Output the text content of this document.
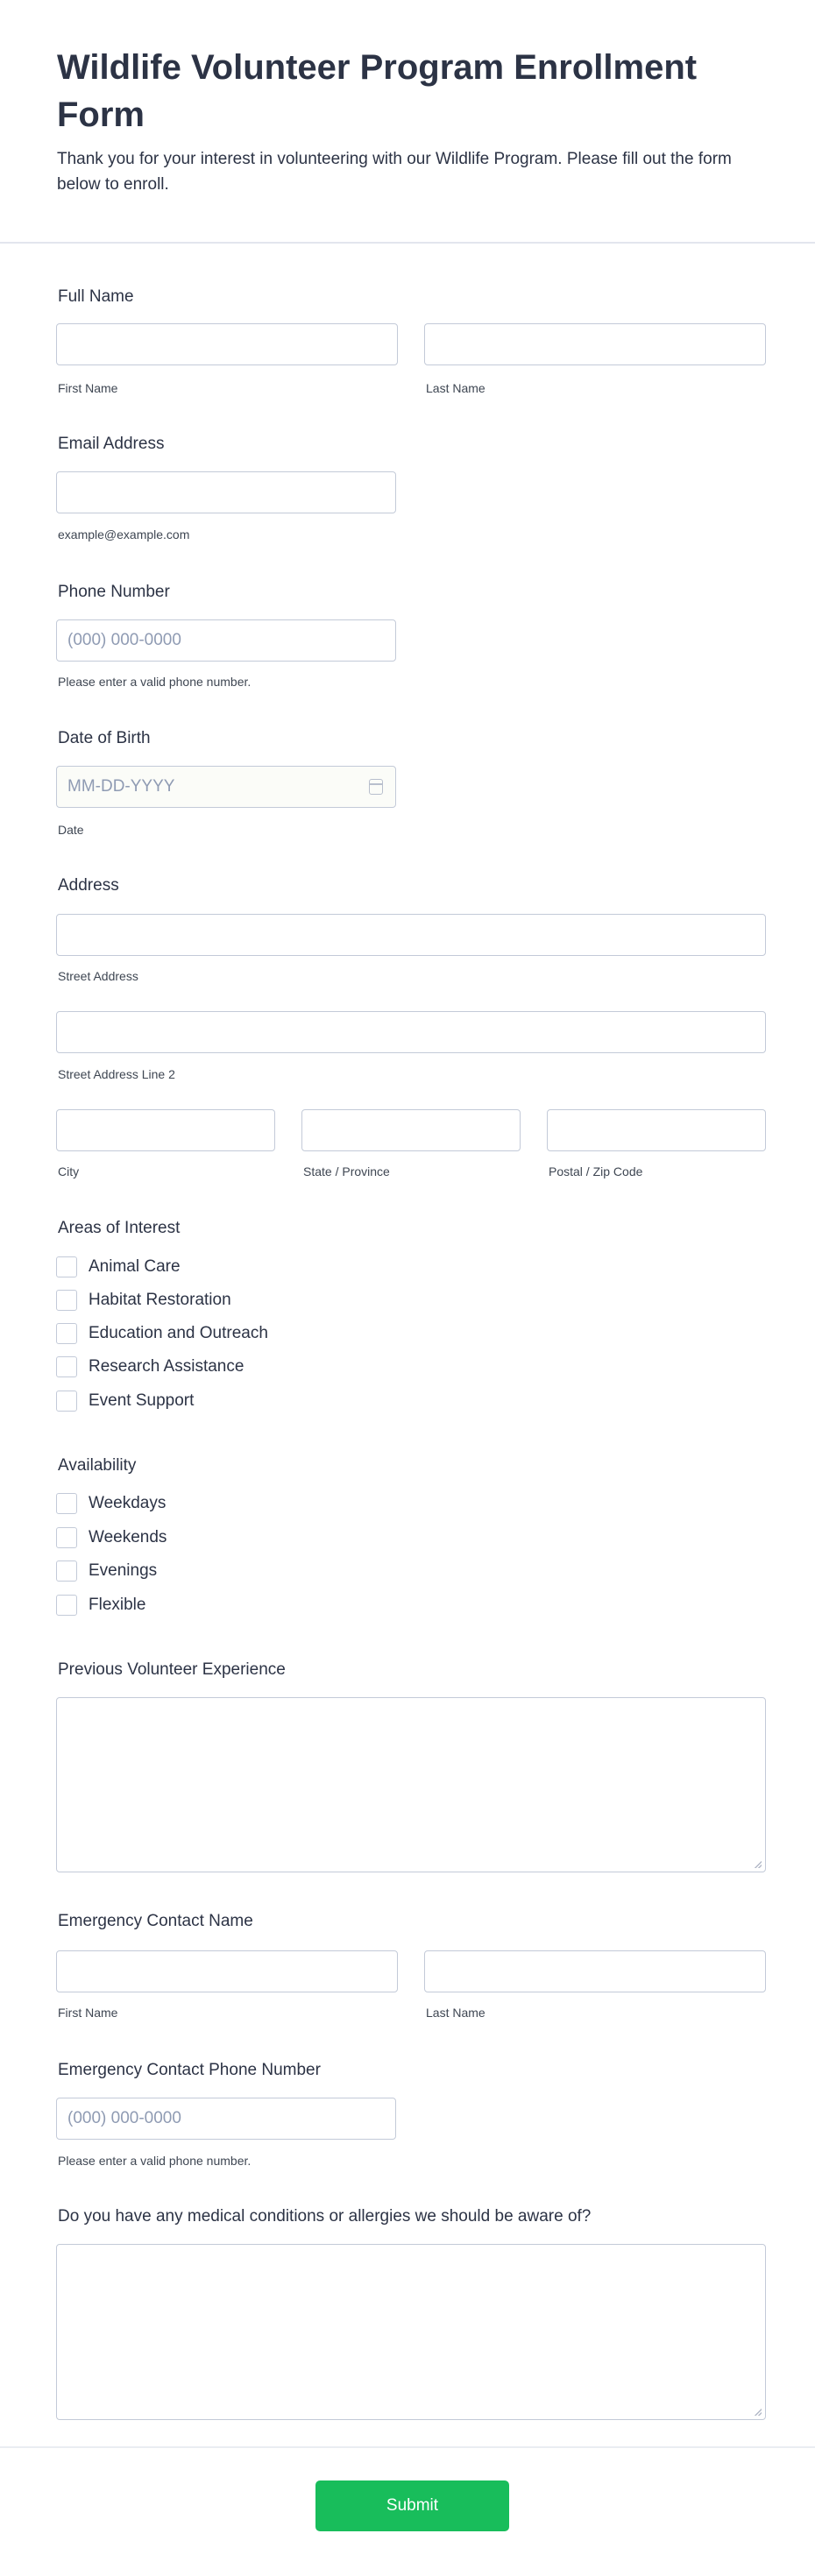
Wildlife Volunteer Program Enrollment Form
Thank you for your interest in volunteering with our Wildlife Program. Please fill out the form below to enroll.
Full Name
First Name	Last Name
Email Address
example@example.com
Phone Number
(000) 000-0000
Please enter a valid phone number.
Date of Birth
MM-DD-YYYY
Date
Address
Street Address
Street Address Line 2
City	State / Province	Postal / Zip Code
Areas of Interest
Animal Care
Habitat Restoration
Education and Outreach
Research Assistance
Event Support
Availability
Weekdays
Weekends
Evenings
Flexible
Previous Volunteer Experience
Emergency Contact Name
First Name	Last Name
Emergency Contact Phone Number
(000) 000-0000
Please enter a valid phone number.
Do you have any medical conditions or allergies we should be aware of?
Submit
